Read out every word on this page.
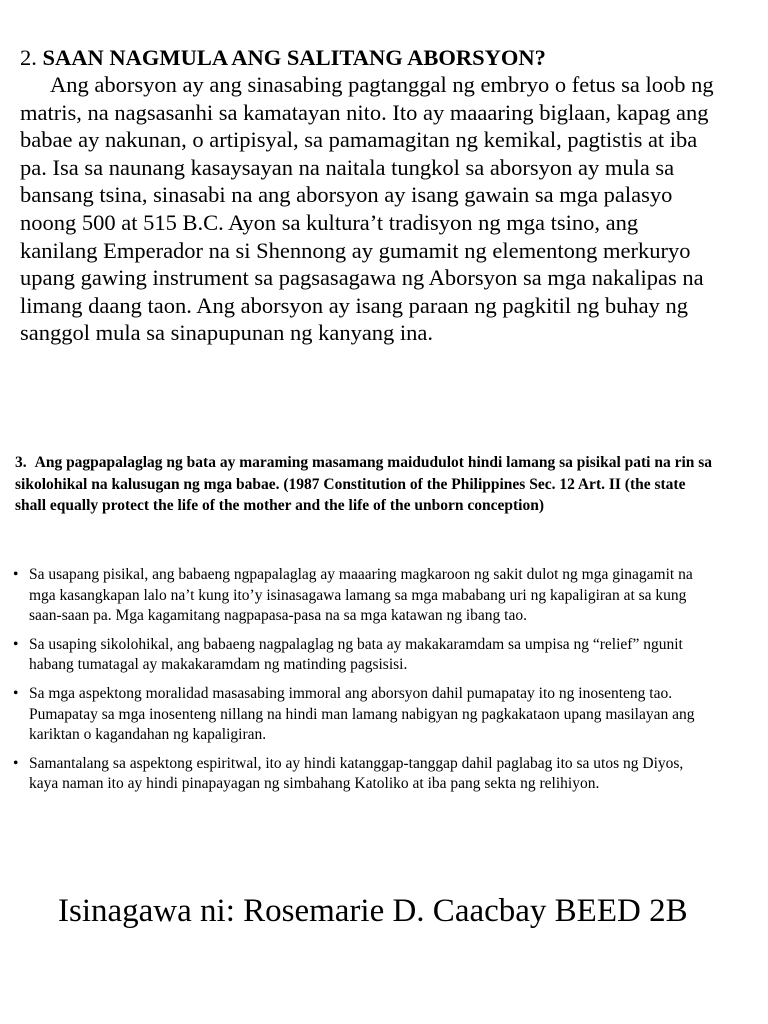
2. SAAN NAGMULA ANG SALITANG ABORSYON?

Ang aborsyon ay ang sinasabing pagtanggal ng embryo o fetus sa loob ng matris, na nagsasanhi sa kamatayan nito. Ito ay maaaring biglaan, kapag ang babae ay nakunan, o artipisyal, sa pamamagitan ng kemikal, pagtistis at iba pa. Isa sa naunang kasaysayan na naitala tungkol sa aborsyon ay mula sa bansang tsina, sinasabi na ang aborsyon ay isang gawain sa mga palasyo noong 500 at 515 B.C. Ayon sa kultura’t tradisyon ng mga tsino, ang kanilang Emperador na si Shennong ay gumamit ng elementong merkuryo upang gawing instrument sa pagsasagawa ng Aborsyon sa mga nakalipas na limang daang taon. Ang aborsyon ay isang paraan ng pagkitil ng buhay ng sanggol mula sa sinapupunan ng kanyang ina.

3. Ang pagpapalaglag ng bata ay maraming masamang maidudulot hindi lamang sa pisikal pati na rin sa sikolohikal na kalusugan ng mga babae. (1987 Constitution of the Philippines Sec. 12 Art. II (the state shall equally protect the life of the mother and the life of the unborn conception)

• Sa usapang pisikal, ang babaeng ngpapalaglag ay maaaring magkaroon ng sakit dulot ng mga ginagamit na mga kasangkapan lalo na’t kung ito’y isinasagawa lamang sa mga mababang uri ng kapaligiran at sa kung saan-saan pa. Mga kagamitang nagpapasa-pasa na sa mga katawan ng ibang tao.
• Sa usaping sikolohikal, ang babaeng nagpalaglag ng bata ay makakaramdam sa umpisa ng “relief” ngunit habang tumatagal ay makakaramdam ng matinding pagsisisi.
• Sa mga aspektong moralidad masasabing immoral ang aborsyon dahil pumapatay ito ng inosenteng tao. Pumapatay sa mga inosenteng nillang na hindi man lamang nabigyan ng pagkakataon upang masilayan ang kariktan o kagandahan ng kapaligiran.
• Samantalang sa aspektong espiritwal, ito ay hindi katanggap-tanggap dahil paglabag ito sa utos ng Diyos, kaya naman ito ay hindi pinapayagan ng simbahang Katoliko at iba pang sekta ng relihiyon.

Isinagawa ni: Rosemarie D. Caacbay BEED 2B
